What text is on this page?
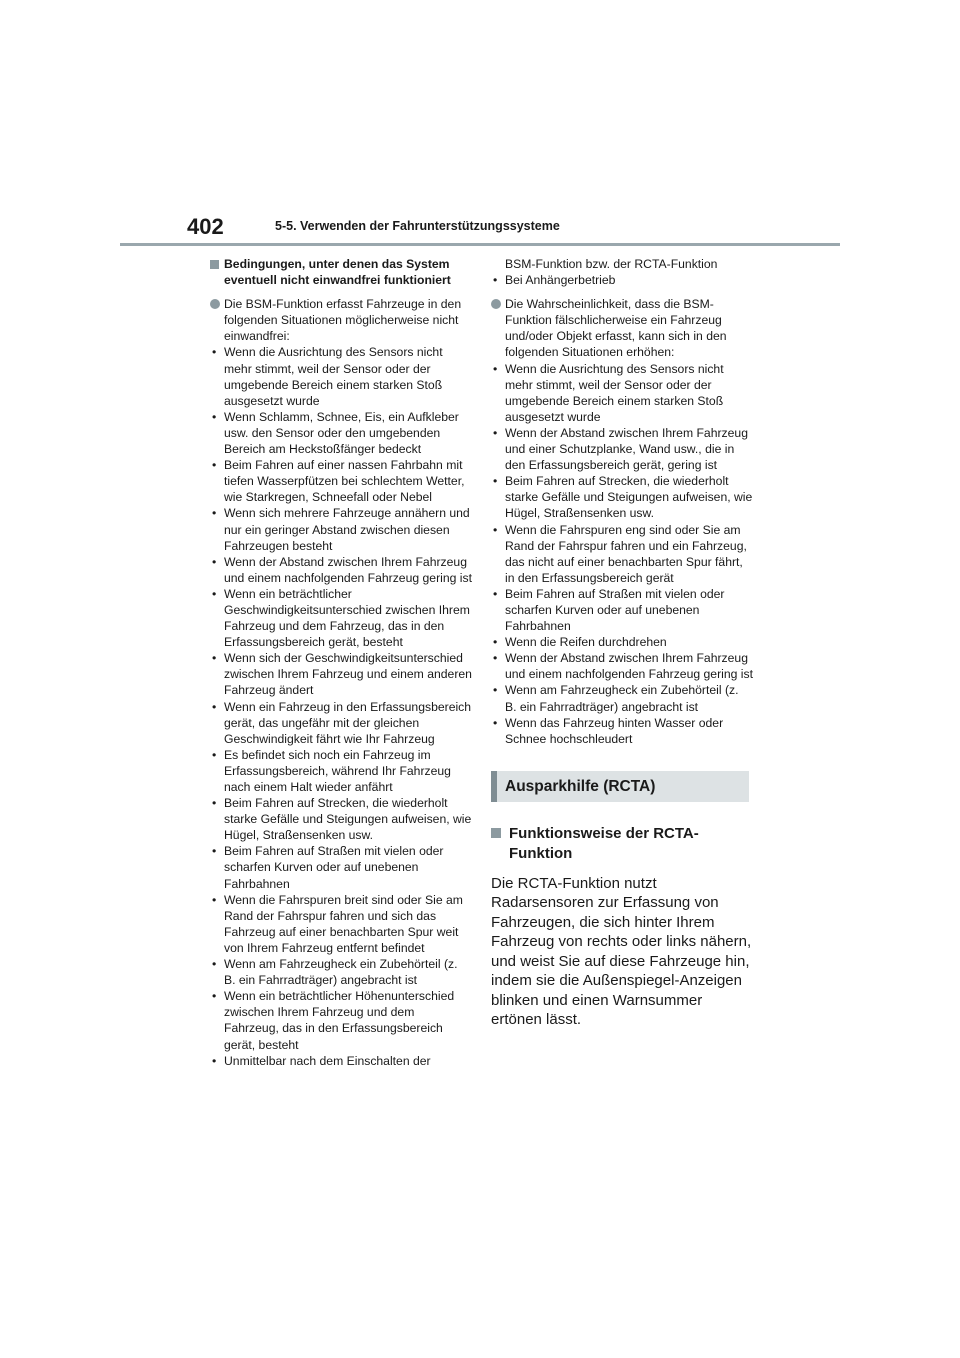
402	5-5. Verwenden der Fahrunterstützungssysteme
Bedingungen, unter denen das System eventuell nicht einwandfrei funktioniert
Die BSM-Funktion erfasst Fahrzeuge in den folgenden Situationen möglicherweise nicht einwandfrei:
• Wenn die Ausrichtung des Sensors nicht mehr stimmt, weil der Sensor oder der umgebende Bereich einem starken Stoß ausgesetzt wurde
• Wenn Schlamm, Schnee, Eis, ein Aufkleber usw. den Sensor oder den umgebenden Bereich am Heckstoßfänger bedeckt
• Beim Fahren auf einer nassen Fahrbahn mit tiefen Wasserpfützen bei schlechtem Wetter, wie Starkregen, Schneefall oder Nebel
• Wenn sich mehrere Fahrzeuge annähern und nur ein geringer Abstand zwischen diesen Fahrzeugen besteht
• Wenn der Abstand zwischen Ihrem Fahrzeug und einem nachfolgenden Fahrzeug gering ist
• Wenn ein beträchtlicher Geschwindigkeitsunterschied zwischen Ihrem Fahrzeug und dem Fahrzeug, das in den Erfassungsbereich gerät, besteht
• Wenn sich der Geschwindigkeitsunterschied zwischen Ihrem Fahrzeug und einem anderen Fahrzeug ändert
• Wenn ein Fahrzeug in den Erfassungsbereich gerät, das ungefähr mit der gleichen Geschwindigkeit fährt wie Ihr Fahrzeug
• Es befindet sich noch ein Fahrzeug im Erfassungsbereich, während Ihr Fahrzeug nach einem Halt wieder anfährt
• Beim Fahren auf Strecken, die wiederholt starke Gefälle und Steigungen aufweisen, wie Hügel, Straßensenken usw.
• Beim Fahren auf Straßen mit vielen oder scharfen Kurven oder auf unebenen Fahrbahnen
• Wenn die Fahrspuren breit sind oder Sie am Rand der Fahrspur fahren und sich das Fahrzeug auf einer benachbarten Spur weit von Ihrem Fahrzeug entfernt befindet
• Wenn am Fahrzeugheck ein Zubehörteil (z. B. ein Fahrradträger) angebracht ist
• Wenn ein beträchtlicher Höhenunterschied zwischen Ihrem Fahrzeug und dem Fahrzeug, das in den Erfassungsbereich gerät, besteht
• Unmittelbar nach dem Einschalten der
BSM-Funktion bzw. der RCTA-Funktion
• Bei Anhängerbetrieb
Die Wahrscheinlichkeit, dass die BSM-Funktion fälschlicherweise ein Fahrzeug und/oder Objekt erfasst, kann sich in den folgenden Situationen erhöhen:
• Wenn die Ausrichtung des Sensors nicht mehr stimmt, weil der Sensor oder der umgebende Bereich einem starken Stoß ausgesetzt wurde
• Wenn der Abstand zwischen Ihrem Fahrzeug und einer Schutzplanke, Wand usw., die in den Erfassungsbereich gerät, gering ist
• Beim Fahren auf Strecken, die wiederholt starke Gefälle und Steigungen aufweisen, wie Hügel, Straßensenken usw.
• Wenn die Fahrspuren eng sind oder Sie am Rand der Fahrspur fahren und ein Fahrzeug, das nicht auf einer benachbarten Spur fährt, in den Erfassungsbereich gerät
• Beim Fahren auf Straßen mit vielen oder scharfen Kurven oder auf unebenen Fahrbahnen
• Wenn die Reifen durchdrehen
• Wenn der Abstand zwischen Ihrem Fahrzeug und einem nachfolgenden Fahrzeug gering ist
• Wenn am Fahrzeugheck ein Zubehörteil (z. B. ein Fahrradträger) angebracht ist
• Wenn das Fahrzeug hinten Wasser oder Schnee hochschleudert
Ausparkhilfe (RCTA)
Funktionsweise der RCTA-Funktion
Die RCTA-Funktion nutzt Radarsensoren zur Erfassung von Fahrzeugen, die sich hinter Ihrem Fahrzeug von rechts oder links nähern, und weist Sie auf diese Fahrzeuge hin, indem sie die Außenspiegel-Anzeigen blinken und einen Warnsummer ertönen lässt.
